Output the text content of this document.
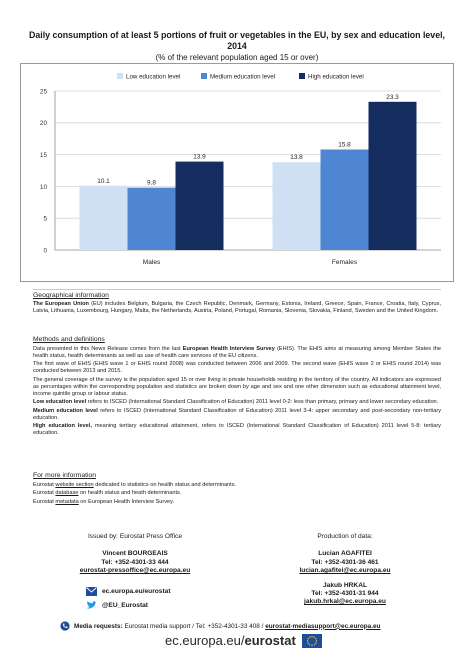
Daily consumption of at least 5 portions of fruit or vegetables in the EU, by sex and education level, 2014
(% of the relevant population aged 15 or over)
0
5
10
15
20
25
10.1	9.8
13.9
Males
13.8
15.8
23.3
Females
Low education level	Medium education level	High education level
Geographical information

The European Union (EU) includes Belgium, Bulgaria, the Czech Republic, Denmark, Germany, Estonia, Ireland, Greece, Spain, France, Croatia, Italy, Cyprus, Latvia, Lithuania, Luxembourg, Hungary, Malta, the Netherlands, Austria, Poland, Portugal, Romania, Slovenia, Slovakia, Finland, Sweden and the United Kingdom.

Methods and definitions

Data presented in this News Release comes from the last European Health Interview Survey (EHIS). The EHIS aims at measuring among Member States the health status, health determinants as well as use of health care services of the EU citizens.

The first wave of EHIS (EHIS wave 1 or EHIS round 2008) was conducted between 2006 and 2009. The second wave (EHIS wave 2 or EHIS round 2014) was conducted between 2013 and 2015.

The general coverage of the survey is the population aged 15 or over living in private households residing in the territory of the country. All indicators are expressed as percentages within the corresponding population and statistics are broken down by age and sex and one other dimension such as educational attainment level, income quintile group or labour status.

Low education level refers to ISCED (International Standard Classification of Education) 2011 level 0-2: less than primary, primary and lower secondary education.

Medium education level refers to ISCED (International Standard Classification of Education) 2011 level 3-4: upper secondary and post-secondary non-tertiary education.

High education level, meaning tertiary educational attainment, refers to ISCED (International Standard Classification of Education) 2011 level 5-8: tertiary education.

For more information

Eurostat website section dedicated to statistics on health status and determinants.

Eurostat database on health status and heath determinants.

Eurostat metadata on European Health Interview Survey.

Issued by: Eurostat Press Office
Vincent BOURGEAIS
Tel: +352-4301-33 444
eurostat-pressoffice@ec.europa.eu
Production of data:
Lucian AGAFITEI
Tel: +352-4301-36 461
lucian.agafitei@ec.europa.eu
Jakub HRKAL
Tel: +352-4301-31 944
jakub.hrkal@ec.europa.eu
ec.europa.eu/eurostat
@EU_Eurostat
Media requests:
Eurostat media support / Tel: +352-4301-33 408 /
eurostat-mediasupport@ec.europa.eu
ec.europa.eu/ eurostat
